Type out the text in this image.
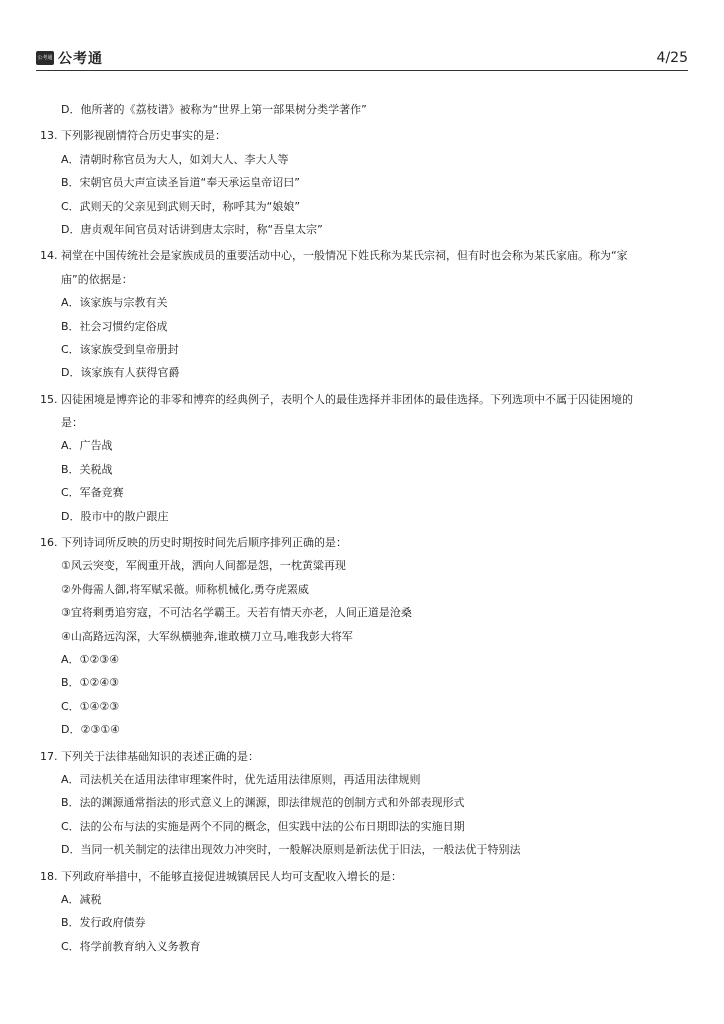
公考通 公考通	4/25
D．他所著的《荔枝谱》被称为“世界上第一部果树分类学著作”
13. 下列影视剧情符合历史事实的是：
A．清朝时称官员为大人，如刘大人、李大人等
B．宋朝官员大声宣读圣旨道“奉天承运皇帝诏曰”
C．武则天的父亲见到武则天时，称呼其为“娘娘”
D．唐贞观年间官员对话讲到唐太宗时，称“吾皇太宗”
14. 祠堂在中国传统社会是家族成员的重要活动中心，一般情况下姓氏称为某氏宗祠，但有时也会称为某氏家庙。称为“家
庙”的依据是：
A．该家族与宗教有关
B．社会习惯约定俗成
C．该家族受到皇帝册封
D．该家族有人获得官爵
15. 囚徒困境是博弈论的非零和博弈的经典例子，表明个人的最佳选择并非团体的最佳选择。下列选项中不属于囚徒困境的
是：
A．广告战
B．关税战
C．军备竞赛
D．股市中的散户跟庄
16. 下列诗词所反映的历史时期按时间先后顺序排列正确的是：
①风云突变，军阀重开战，洒向人间都是怨，一枕黄粱再现
②外侮需人御,将军赋采薇。师称机械化,勇夺虎罴威
③宜将剩勇追穷寇，不可沽名学霸王。天若有情天亦老，人间正道是沧桑
④山高路远沟深，大军纵横驰奔,谁敢横刀立马,唯我彭大将军
A．①②③④
B．①②④③
C．①④②③
D．②③①④
17. 下列关于法律基础知识的表述正确的是：
A．司法机关在适用法律审理案件时，优先适用法律原则，再适用法律规则
B．法的渊源通常指法的形式意义上的渊源，即法律规范的创制方式和外部表现形式
C．法的公布与法的实施是两个不同的概念，但实践中法的公布日期即法的实施日期
D．当同一机关制定的法律出现效力冲突时，一般解决原则是新法优于旧法，一般法优于特别法
18. 下列政府举措中，不能够直接促进城镇居民人均可支配收入增长的是：
A．减税
B．发行政府债券
C．将学前教育纳入义务教育
